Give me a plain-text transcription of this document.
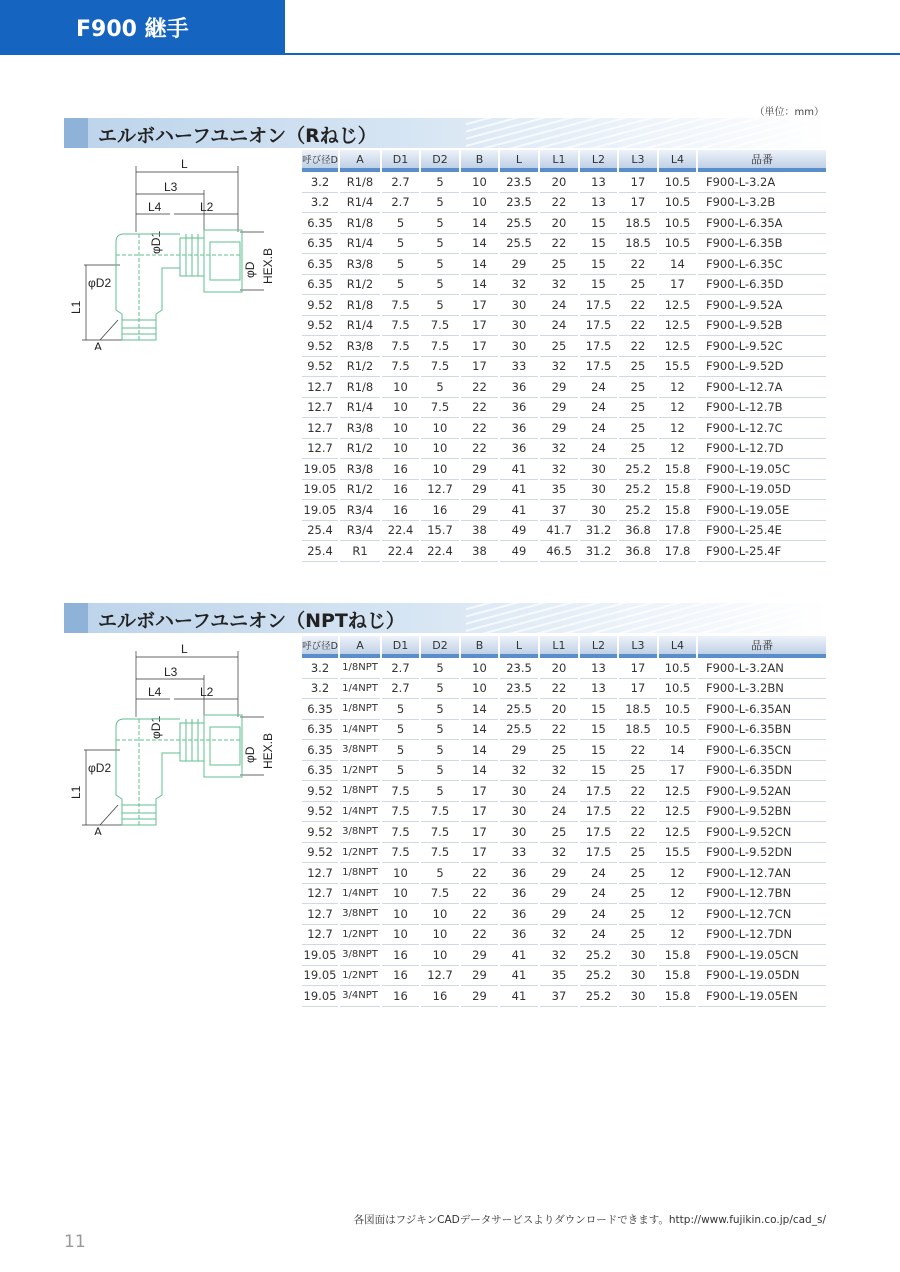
F900 継手
（単位：mm）
エルボハーフユニオン（Rねじ）
L
L3
L4	L2
φD2
A
φD1
φD HEX.B
L1
呼び径D	A	D1	D2	B	L	L1	L2	L3	L4	品番

3.2	R1/8	2.7	5	10	23.5	20	13	17	10.5	F900-L-3.2A
3.2	R1/4	2.7	5	10	23.5	22	13	17	10.5	F900-L-3.2B
6.35	R1/8	5	5	14	25.5	20	15	18.5	10.5	F900-L-6.35A
6.35	R1/4	5	5	14	25.5	22	15	18.5	10.5	F900-L-6.35B
6.35	R3/8	5	5	14	29	25	15	22	14	F900-L-6.35C
6.35	R1/2	5	5	14	32	32	15	25	17	F900-L-6.35D
9.52	R1/8	7.5	5	17	30	24	17.5	22	12.5	F900-L-9.52A
9.52	R1/4	7.5	7.5	17	30	24	17.5	22	12.5	F900-L-9.52B
9.52	R3/8	7.5	7.5	17	30	25	17.5	22	12.5	F900-L-9.52C
9.52	R1/2	7.5	7.5	17	33	32	17.5	25	15.5	F900-L-9.52D
12.7	R1/8	10	5	22	36	29	24	25	12	F900-L-12.7A
12.7	R1/4	10	7.5	22	36	29	24	25	12	F900-L-12.7B
12.7	R3/8	10	10	22	36	29	24	25	12	F900-L-12.7C
12.7	R1/2	10	10	22	36	32	24	25	12	F900-L-12.7D
19.05	R3/8	16	10	29	41	32	30	25.2	15.8	F900-L-19.05C
19.05	R1/2	16	12.7	29	41	35	30	25.2	15.8	F900-L-19.05D
19.05	R3/4	16	16	29	41	37	30	25.2	15.8	F900-L-19.05E
25.4	R3/4	22.4	15.7	38	49	41.7	31.2	36.8	17.8	F900-L-25.4E
25.4	R1	22.4	22.4	38	49	46.5	31.2	36.8	17.8	F900-L-25.4F
エルボハーフユニオン（NPTねじ）
L
L3
L4	L2
φD2
A
φD1
φD HEX.B
L1
呼び径D	A	D1	D2	B	L	L1	L2	L3	L4	品番

3.2	1/8NPT	2.7	5	10	23.5	20	13	17	10.5	F900-L-3.2AN
3.2	1/4NPT	2.7	5	10	23.5	22	13	17	10.5	F900-L-3.2BN
6.35	1/8NPT	5	5	14	25.5	20	15	18.5	10.5	F900-L-6.35AN
6.35	1/4NPT	5	5	14	25.5	22	15	18.5	10.5	F900-L-6.35BN
6.35	3/8NPT	5	5	14	29	25	15	22	14	F900-L-6.35CN
6.35	1/2NPT	5	5	14	32	32	15	25	17	F900-L-6.35DN
9.52	1/8NPT	7.5	5	17	30	24	17.5	22	12.5	F900-L-9.52AN
9.52	1/4NPT	7.5	7.5	17	30	24	17.5	22	12.5	F900-L-9.52BN
9.52	3/8NPT	7.5	7.5	17	30	25	17.5	22	12.5	F900-L-9.52CN
9.52	1/2NPT	7.5	7.5	17	33	32	17.5	25	15.5	F900-L-9.52DN
12.7	1/8NPT	10	5	22	36	29	24	25	12	F900-L-12.7AN
12.7	1/4NPT	10	7.5	22	36	29	24	25	12	F900-L-12.7BN
12.7	3/8NPT	10	10	22	36	29	24	25	12	F900-L-12.7CN
12.7	1/2NPT	10	10	22	36	32	24	25	12	F900-L-12.7DN
19.05	3/8NPT	16	10	29	41	32	25.2	30	15.8	F900-L-19.05CN
19.05	1/2NPT	16	12.7	29	41	35	25.2	30	15.8	F900-L-19.05DN
19.05	3/4NPT	16	16	29	41	37	25.2	30	15.8	F900-L-19.05EN
各図面はフジキンCADデータサービスよりダウンロードできます。http://www.fujikin.co.jp/cad_s/
11
